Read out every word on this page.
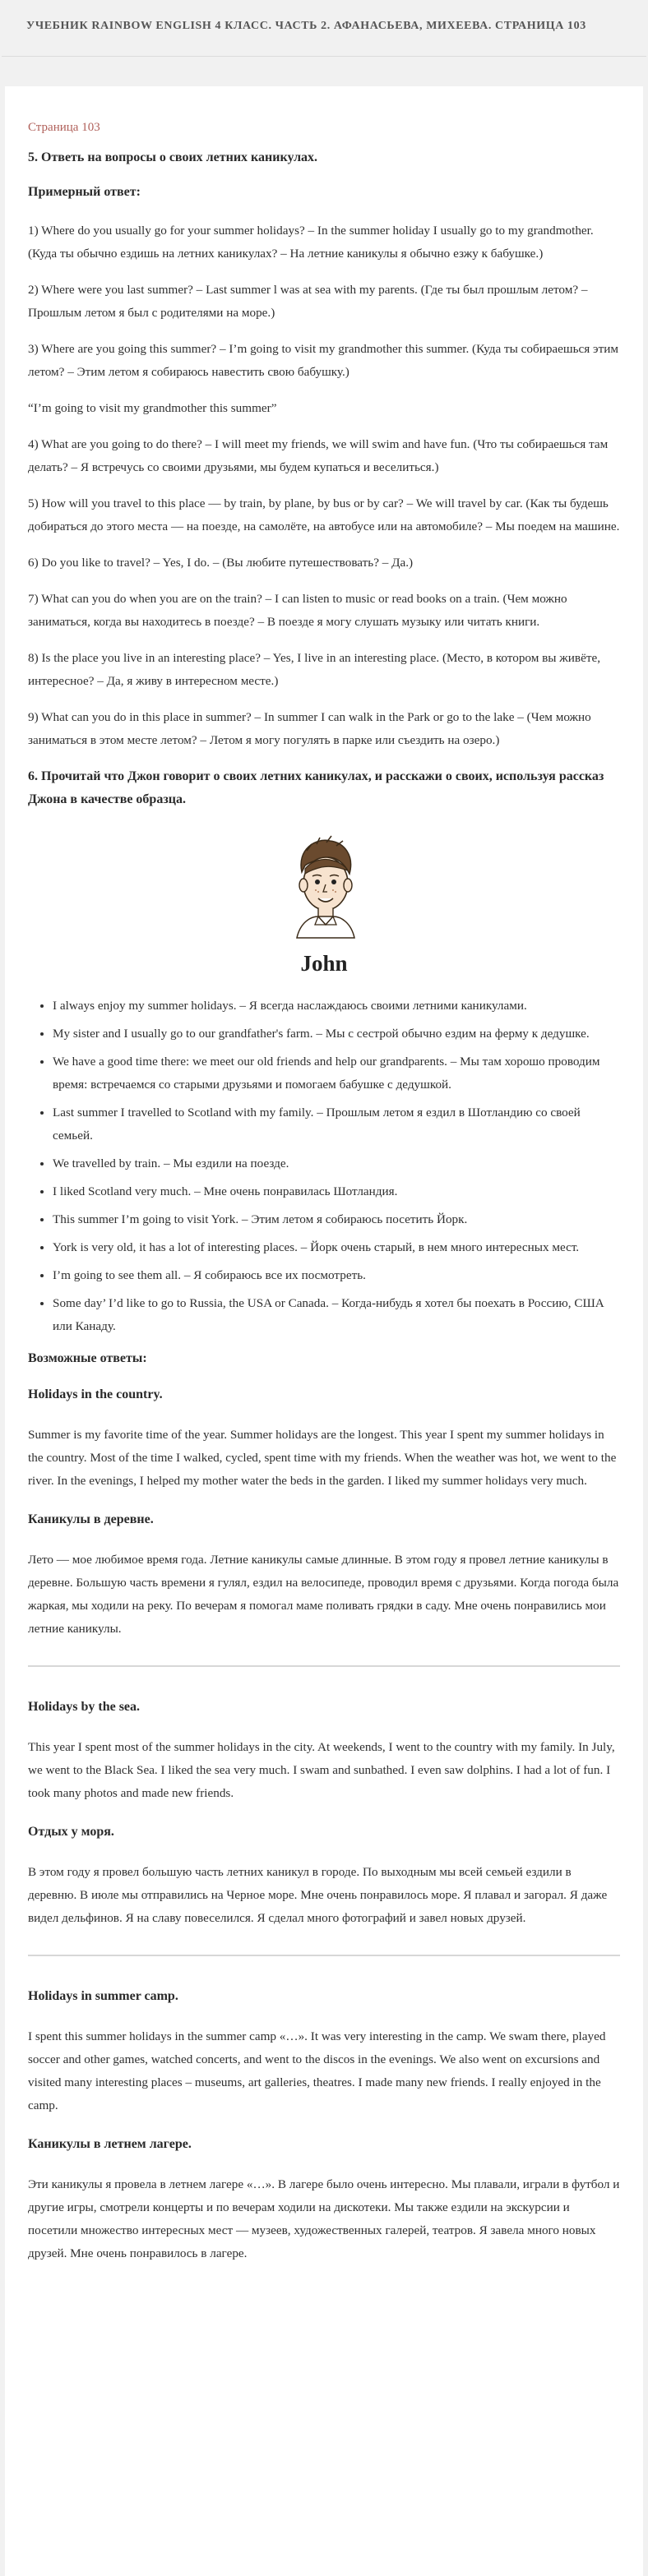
УЧЕБНИК RAINBOW ENGLISH 4 КЛАСС. ЧАСТЬ 2. АФАНАСЬЕВА, МИХЕЕВА. СТРАНИЦА 103
Страница 103
5. Ответь на вопросы о своих летних каникулах.
Примерный ответ:

1) Where do you usually go for your summer holidays? – In the summer holiday I usually go to my grandmother. (Куда ты обычно ездишь на летних каникулах? – На летние каникулы я обычно езжу к бабушке.)

2) Where were you last summer? – Last summer l was at sea with my parents. (Где ты был прошлым летом? – Прошлым летом я был с родителями на море.)

3) Where are you going this summer? – I’m going to visit my grandmother this summer. (Куда ты собираешься этим летом? – Этим летом я собираюсь навестить свою бабушку.)

“I’m going to visit my grandmother this summer”

4) What are you going to do there? – I will meet my friends, we will swim and have fun. (Что ты собираешься там делать? – Я встречусь со своими друзьями, мы будем купаться и веселиться.)

5) How will you travel to this place — by train, by plane, by bus or by car? – We will travel by car. (Как ты будешь добираться до этого места — на поезде, на самолёте, на автобусе или на автомобиле? – Мы поедем на машине.

6) Do you like to travel? – Yes, I do. – (Вы любите путешествовать? – Да.)

7) What can you do when you are on the train? – I can listen to music or read books on a train. (Чем можно заниматься, когда вы находитесь в поезде? – В поезде я могу слушать музыку или читать книги.

8) Is the place you live in an interesting place? – Yes, I live in an interesting place. (Место, в котором вы живёте, интересное? – Да, я живу в интересном месте.)

9) What can you do in this place in summer? – In summer I can walk in the Park or go to the lake – (Чем можно заниматься в этом месте летом? – Летом я могу погулять в парке или съездить на озеро.)

6. Прочитай что Джон говорит о своих летних каникулах, и расскажи о своих, используя рассказ Джона в качестве образца.
John
• I always enjoy my summer holidays. – Я всегда наслаждаюсь своими летними каникулами.
• My sister and I usually go to our grandfather's farm. – Мы с сестрой обычно ездим на ферму к дедушке.
• We have a good time there: we meet our old friends and help our grandparents. – Мы там хорошо проводим время: встречаемся со старыми друзьями и помогаем бабушке с дедушкой.
• Last summer I travelled to Scotland with my family. – Прошлым летом я ездил в Шотландию со своей семьей.
• We travelled by train. – Мы ездили на поезде.
• I liked Scotland very much. – Мне очень понравилась Шотландия.
• This summer I’m going to visit York. – Этим летом я собираюсь посетить Йорк.
• York is very old, it has a lot of interesting places. – Йорк очень старый, в нем много интересных мест.
• I’m going to see them all. – Я собираюсь все их посмотреть.
• Some day’ I’d like to go to Russia, the USA or Canada. – Когда-нибудь я хотел бы поехать в Россию, США или Канаду.
Возможные ответы:
Holidays in the country.
Summer is my favorite time of the year. Summer holidays are the longest. This year I spent my summer holidays in the country. Most of the time I walked, cycled, spent time with my friends. When the weather was hot, we went to the river. In the evenings, I helped my mother water the beds in the garden. I liked my summer holidays very much.
Каникулы в деревне.
Лето — мое любимое время года. Летние каникулы самые длинные. В этом году я провел летние каникулы в деревне. Большую часть времени я гулял, ездил на велосипеде, проводил время с друзьями. Когда погода была жаркая, мы ходили на реку. По вечерам я помогал маме поливать грядки в саду. Мне очень понравились мои летние каникулы.
Holidays by the sea.
This year I spent most of the summer holidays in the city. At weekends, I went to the country with my family. In July, we went to the Black Sea. I liked the sea very much. I swam and sunbathed. I even saw dolphins. I had a lot of fun. I took many photos and made new friends.
Отдых у моря.
В этом году я провел большую часть летних каникул в городе. По выходным мы всей семьей ездили в деревню. В июле мы отправились на Черное море. Мне очень понравилось море. Я плавал и загорал. Я даже видел дельфинов. Я на славу повеселился. Я сделал много фотографий и завел новых друзей.
Holidays in summer camp.
I spent this summer holidays in the summer camp «…». It was very interesting in the camp. We swam there, played soccer and other games, watched concerts, and went to the discos in the evenings. We also went on excursions and visited many interesting places – museums, art galleries, theatres. I made many new friends. I really enjoyed in the camp.
Каникулы в летнем лагере.
Эти каникулы я провела в летнем лагере «…». В лагере было очень интересно. Мы плавали, играли в футбол и другие игры, смотрели концерты и по вечерам ходили на дискотеки. Мы также ездили на экскурсии и посетили множество интересных мест — музеев, художественных галерей, театров. Я завела много новых друзей. Мне очень понравилось в лагере.
